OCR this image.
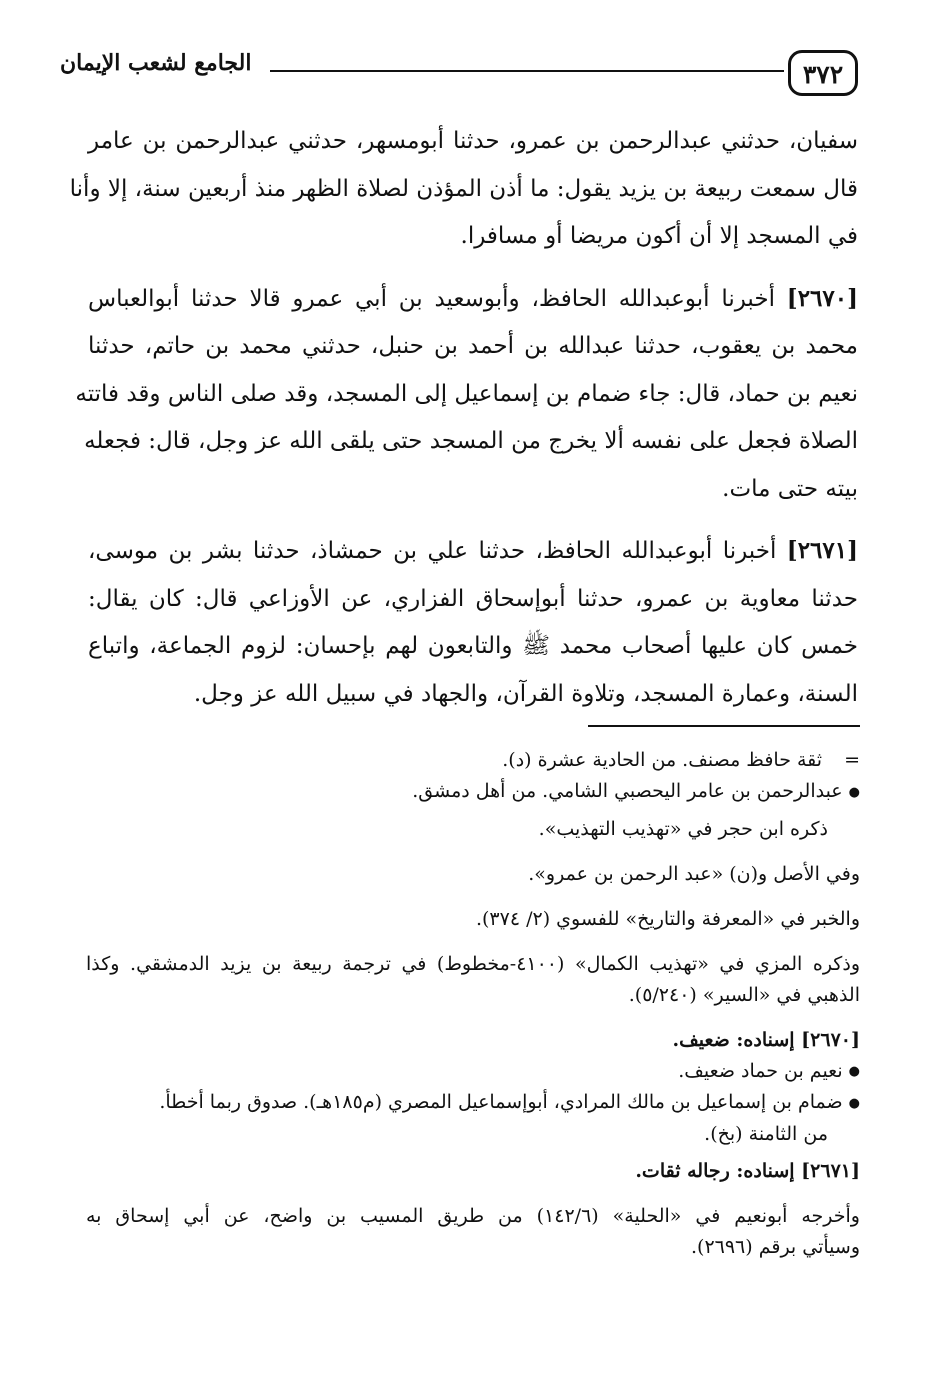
٣٧٢
الجامع لشعب الإيمان

سفيان، حدثني عبدالرحمن بن عمرو، حدثنا أبومسهر، حدثني عبدالرحمن بن عامر
قال سمعت ربيعة بن يزيد يقول: ما أذن المؤذن لصلاة الظهر منذ أربعين سنة، إلا وأنا
في المسجد إلا أن أكون مريضا أو مسافرا.

[٢٦٧٠] أخبرنا أبوعبدالله الحافظ، وأبوسعيد بن أبي عمرو قالا حدثنا أبوالعباس
محمد بن يعقوب، حدثنا عبدالله بن أحمد بن حنبل، حدثني محمد بن حاتم، حدثنا
نعيم بن حماد، قال: جاء ضمام بن إسماعيل إلى المسجد، وقد صلى الناس وقد فاتته
الصلاة فجعل على نفسه ألا يخرج من المسجد حتى يلقى الله عز وجل، قال: فجعله
بيته حتى مات.

[٢٦٧١] أخبرنا أبوعبدالله الحافظ، حدثنا علي بن حمشاذ، حدثنا بشر بن موسى،
حدثنا معاوية بن عمرو، حدثنا أبوإسحاق الفزاري، عن الأوزاعي قال: كان يقال:
خمس كان عليها أصحاب محمد ﷺ والتابعون لهم بإحسان: لزوم الجماعة، واتباع
السنة، وعمارة المسجد، وتلاوة القرآن، والجهاد في سبيل الله عز وجل.

= ثقة حافظ مصنف. من الحادية عشرة (د).
● عبدالرحمن بن عامر اليحصبي الشامي. من أهل دمشق.
ذكره ابن حجر في «تهذيب التهذيب».
وفي الأصل و(ن) «عبد الرحمن بن عمرو».
والخبر في «المعرفة والتاريخ» للفسوي (٢/ ٣٧٤).
وذكره المزي في «تهذيب الكمال» (٤١٠٠-مخطوط) في ترجمة ربيعة بن يزيد الدمشقي. وكذا
الذهبي في «السير» (٥/٢٤٠).
[٢٦٧٠] إسناده: ضعيف.
● نعيم بن حماد ضعيف.
● ضمام بن إسماعيل بن مالك المرادي، أبوإسماعيل المصري (م١٨٥هـ). صدوق ربما أخطأ.
من الثامنة (بخ).
[٢٦٧١] إسناده: رجاله ثقات.
وأخرجه أبونعيم في «الحلية» (١٤٢/٦) من طريق المسيب بن واضح، عن أبي إسحاق به
وسيأتي برقم (٢٦٩٦).
